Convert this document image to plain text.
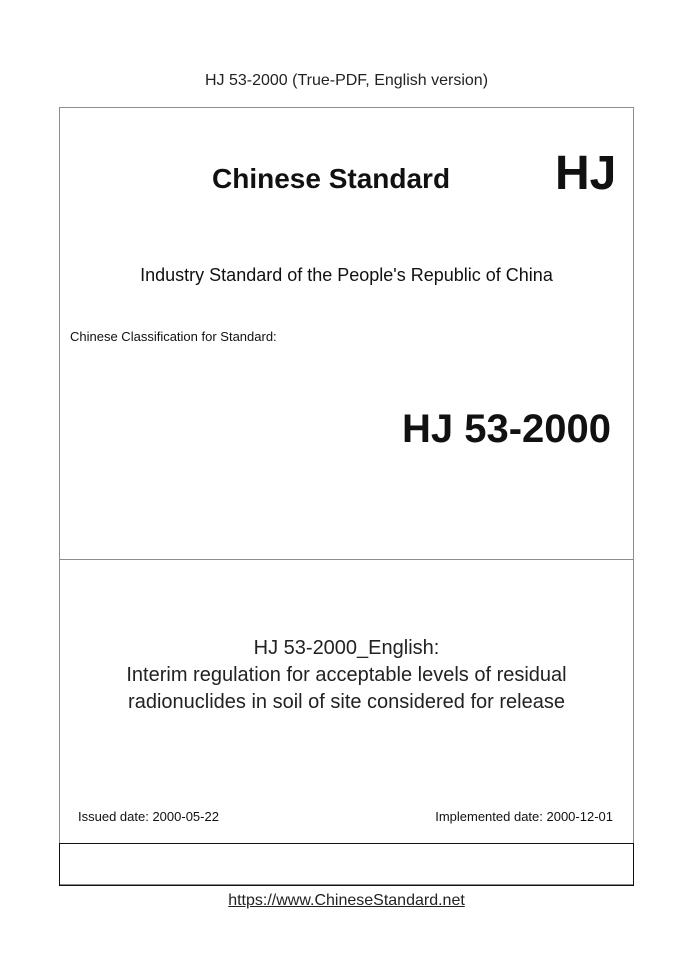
HJ 53-2000 (True-PDF, English version)
Chinese Standard HJ
Industry Standard of the People's Republic of China
Chinese Classification for Standard:
HJ 53-2000
HJ 53-2000_English:
Interim regulation for acceptable levels of residual
radionuclides in soil of site considered for release
Issued date: 2000-05-22	Implemented date: 2000-12-01
https://www.ChineseStandard.net
